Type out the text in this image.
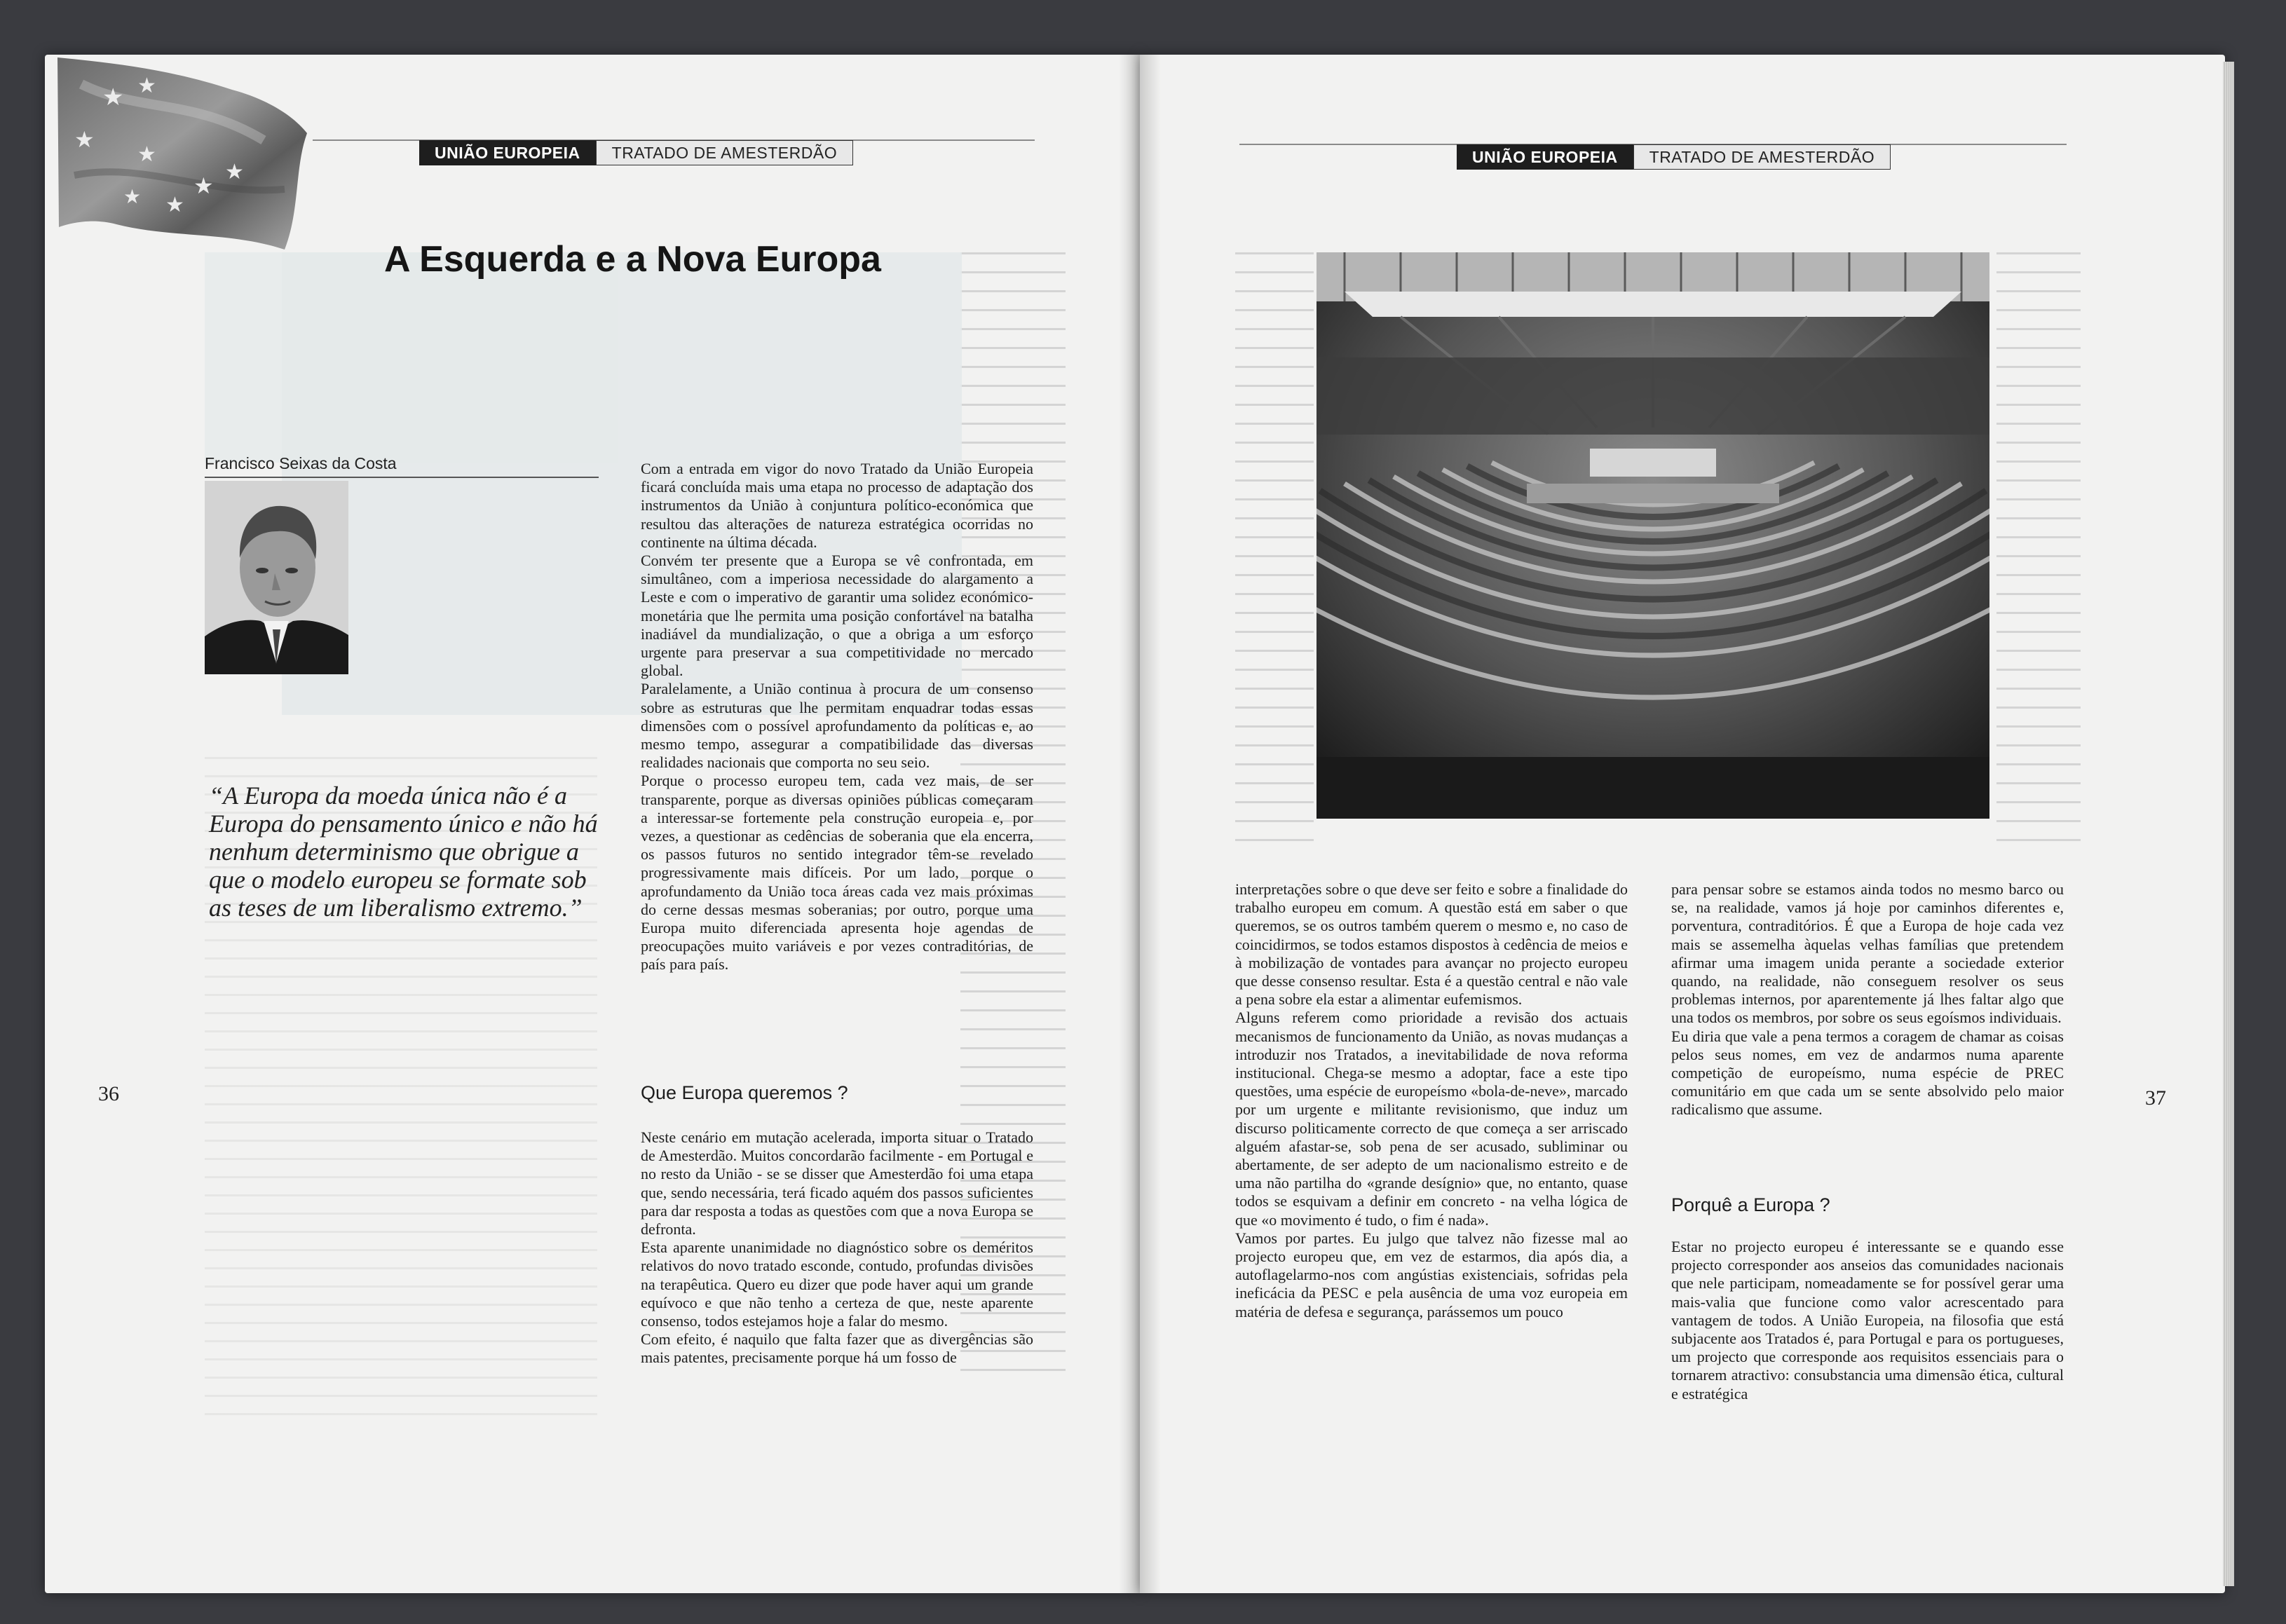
★ ★
★
★
★
★
★
★
UNIÃO EUROPEIA	TRATADO DE AMESTERDÃO	UNIÃO EUROPEIA	TRATADO DE AMESTERDÃO
A Esquerda e a Nova Europa
Francisco Seixas da Costa
“A Europa da moeda única não é a Europa do pensamento único e não há nenhum determinismo que obrigue a que o modelo europeu se formate sob as teses de um liberalismo extremo.”

Com a entrada em vigor do novo Tratado da União Europeia ficará concluída mais uma etapa no processo de adaptação dos instrumentos da União à conjuntura político-económica que resultou das alterações de natureza estratégica ocorridas no continente na última década.

Convém ter presente que a Europa se vê confrontada, em simultâneo, com a imperiosa necessidade do alargamento a Leste e com o imperativo de garantir uma solidez económico-monetária que lhe permita uma posição confortável na batalha inadiável da mundialização, o que a obriga a um esforço urgente para preservar a sua competitividade no mercado global.

Paralelamente, a União continua à procura de um consenso sobre as estruturas que lhe permitam enquadrar todas essas dimensões com o possível aprofundamento da políticas e, ao mesmo tempo, assegurar a compatibilidade das diversas realidades nacionais que comporta no seu seio.

Porque o processo europeu tem, cada vez mais, de ser transparente, porque as diversas opiniões públicas começaram a interessar-se fortemente pela construção europeia e, por vezes, a questionar as cedências de soberania que ela encerra, os passos futuros no sentido integrador têm-se revelado progressivamente mais difíceis. Por um lado, porque o aprofundamento da União toca áreas cada vez mais próximas do cerne dessas mesmas soberanias; por outro, porque uma Europa muito diferenciada apresenta hoje agendas de preocupações muito variáveis e por vezes contraditórias, de país para país.

Que Europa queremos ?

Neste cenário em mutação acelerada, importa situar o Tratado de Amesterdão. Muitos concordarão facilmente - em Portugal e no resto da União - se se disser que Amesterdão foi uma etapa que, sendo necessária, terá ficado aquém dos passos suficientes para dar resposta a todas as questões com que a nova Europa se defronta.

Esta aparente unanimidade no diagnóstico sobre os deméritos relativos do novo tratado esconde, contudo, profundas divisões na terapêutica. Quero eu dizer que pode haver aqui um grande equívoco e que não tenho a certeza de que, neste aparente consenso, todos estejamos hoje a falar do mesmo.

Com efeito, é naquilo que falta fazer que as divergências são mais patentes, precisamente porque há um fosso de

interpretações sobre o que deve ser feito e sobre a finalidade do trabalho europeu em comum. A questão está em saber o que queremos, se os outros também querem o mesmo e, no caso de coincidirmos, se todos estamos dispostos à cedência de meios e à mobilização de vontades para avançar no projecto europeu que desse consenso resultar. Esta é a questão central e não vale a pena sobre ela estar a alimentar eufemismos.

Alguns referem como prioridade a revisão dos actuais mecanismos de funcionamento da União, as novas mudanças a introduzir nos Tratados, a inevitabilidade de nova reforma institucional. Chega-se mesmo a adoptar, face a este tipo questões, uma espécie de europeísmo «bola-de-neve», marcado por um urgente e militante revisionismo, que induz um discurso politicamente correcto de que começa a ser arriscado alguém afastar-se, sob pena de ser acusado, subliminar ou abertamente, de ser adepto de um nacionalismo estreito e de uma não partilha do «grande desígnio» que, no entanto, quase todos se esquivam a definir em concreto - na velha lógica de que «o movimento é tudo, o fim é nada».

Vamos por partes. Eu julgo que talvez não fizesse mal ao projecto europeu que, em vez de estarmos, dia após dia, a autoflagelarmo-nos com angústias existenciais, sofridas pela ineficácia da PESC e pela ausência de uma voz europeia em matéria de defesa e segurança, parássemos um pouco

para pensar sobre se estamos ainda todos no mesmo barco ou se, na realidade, vamos já hoje por caminhos diferentes e, porventura, contraditórios. É que a Europa de hoje cada vez mais se assemelha àquelas velhas famílias que pretendem afirmar uma imagem unida perante a sociedade exterior quando, na realidade, não conseguem resolver os seus problemas internos, por aparentemente já lhes faltar algo que una todos os membros, por sobre os seus egoísmos individuais.

Eu diria que vale a pena termos a coragem de chamar as coisas pelos seus nomes, em vez de andarmos numa aparente competição de europeísmo, numa espécie de PREC comunitário em que cada um se sente absolvido pelo maior radicalismo que assume.

Porquê a Europa ?

Estar no projecto europeu é interessante se e quando esse projecto corresponder aos anseios das comunidades nacionais que nele participam, nomeadamente se for possível gerar uma mais-valia que funcione como valor acrescentado para vantagem de todos. A União Europeia, na filosofia que está subjacente aos Tratados é, para Portugal e para os portugueses, um projecto que corresponde aos requisitos essenciais para o tornarem atractivo: consubstancia uma dimensão ética, cultural e estratégica

36	37
